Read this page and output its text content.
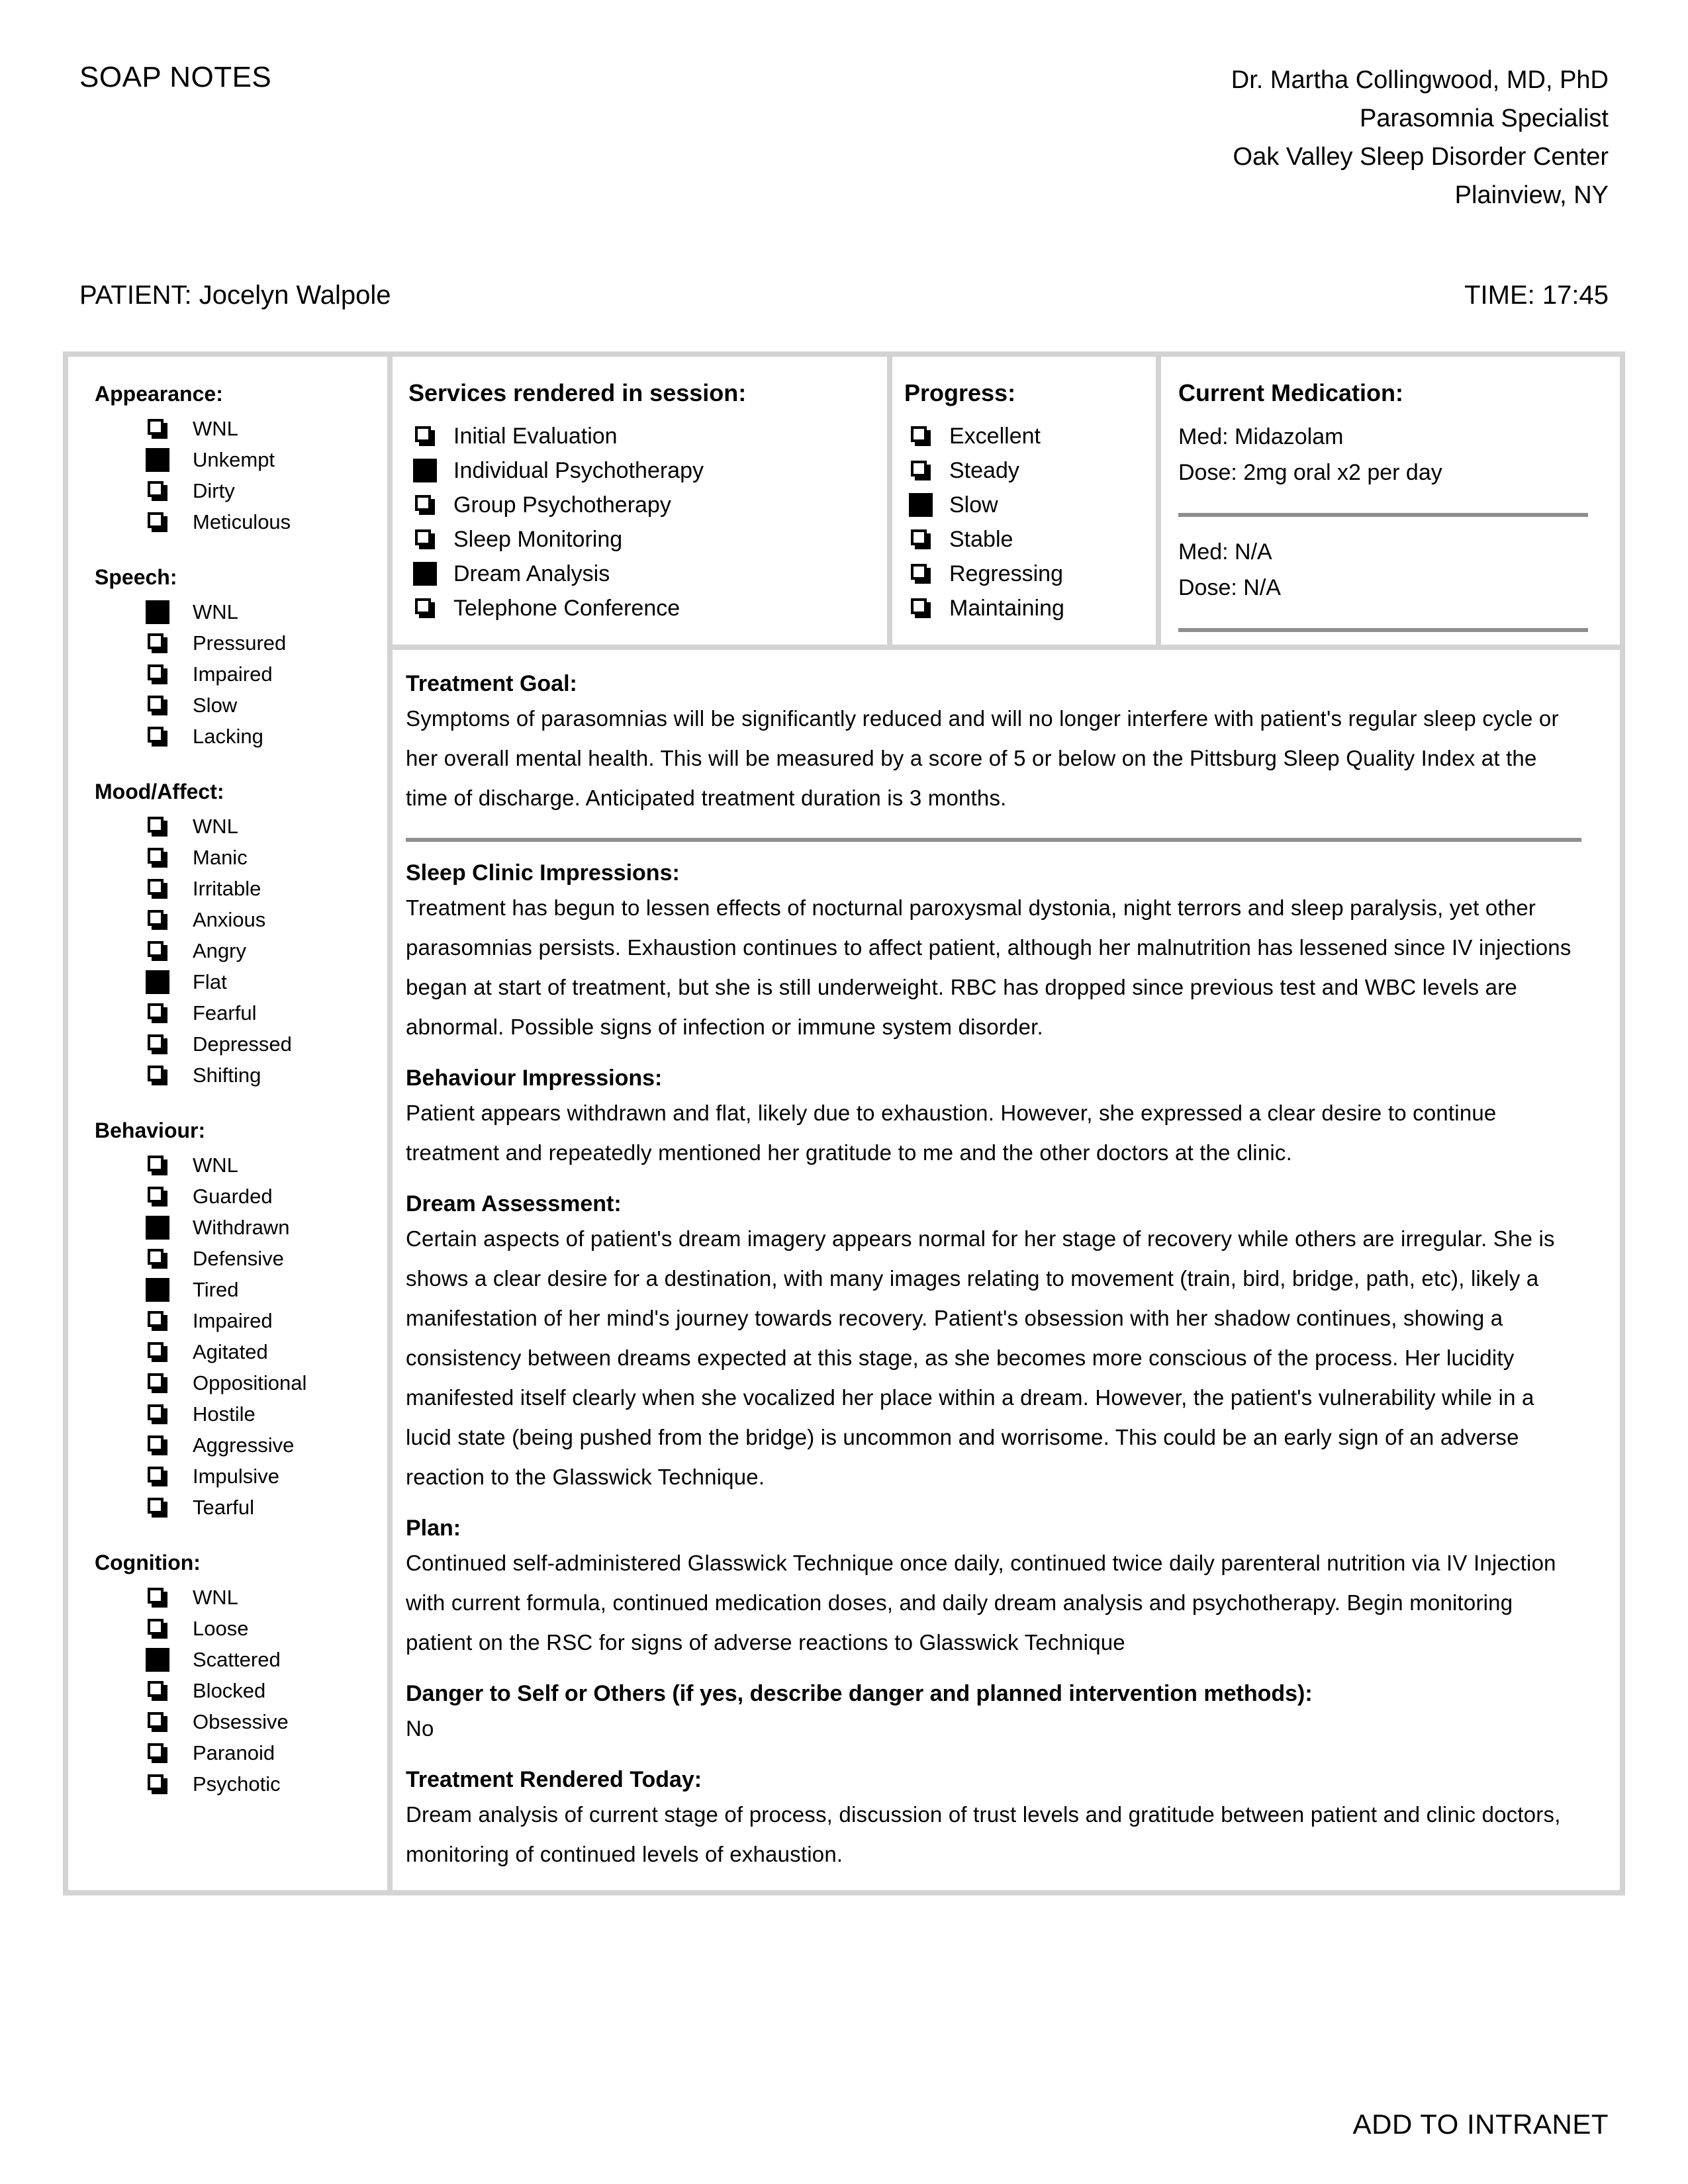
SOAP NOTES	Dr. Martha Collingwood, MD, PhD
Parasomnia Specialist
Oak Valley Sleep Disorder Center
Plainview, NY
PATIENT: Jocelyn Walpole	TIME: 17:45
Appearance:
WNL
Unkempt
Dirty
Meticulous
Speech:
WNL
Pressured
Impaired
Slow
Lacking
Mood/Affect:
WNL
Manic
Irritable
Anxious
Angry
Flat
Fearful
Depressed
Shifting
Behaviour:
WNL
Guarded
Withdrawn
Defensive
Tired
Impaired
Agitated
Oppositional
Hostile
Aggressive
Impulsive
Tearful
Cognition:
WNL
Loose
Scattered
Blocked
Obsessive
Paranoid
Psychotic
Services rendered in session:
Initial Evaluation
Individual Psychotherapy
Group Psychotherapy
Sleep Monitoring
Dream Analysis
Telephone Conference
Progress:
Excellent
Steady
Slow
Stable
Regressing
Maintaining
Current Medication:
Med: Midazolam
Dose: 2mg oral x2 per day
Med: N/A
Dose: N/A
Treatment Goal:
Symptoms of parasomnias will be significantly reduced and will no longer interfere with patient's regular sleep cycle or her overall mental health. This will be measured by a score of 5 or below on the Pittsburg Sleep Quality Index at the time of discharge. Anticipated treatment duration is 3 months.
Sleep Clinic Impressions:
Treatment has begun to lessen effects of nocturnal paroxysmal dystonia, night terrors and sleep paralysis, yet other parasomnias persists. Exhaustion continues to affect patient, although her malnutrition has lessened since IV injections began at start of treatment, but she is still underweight. RBC has dropped since previous test and WBC levels are abnormal. Possible signs of infection or immune system disorder.
Behaviour Impressions:
Patient appears withdrawn and flat, likely due to exhaustion. However, she expressed a clear desire to continue treatment and repeatedly mentioned her gratitude to me and the other doctors at the clinic.
Dream Assessment:
Certain aspects of patient's dream imagery appears normal for her stage of recovery while others are irregular. She is shows a clear desire for a destination, with many images relating to movement (train, bird, bridge, path, etc), likely a manifestation of her mind's journey towards recovery. Patient's obsession with her shadow continues, showing a consistency between dreams expected at this stage, as she becomes more conscious of the process. Her lucidity manifested itself clearly when she vocalized her place within a dream. However, the patient's vulnerability while in a lucid state (being pushed from the bridge) is uncommon and worrisome. This could be an early sign of an adverse reaction to the Glasswick Technique.
Plan:
Continued self-administered Glasswick Technique once daily, continued twice daily parenteral nutrition via IV Injection with current formula, continued medication doses, and daily dream analysis and psychotherapy. Begin monitoring patient on the RSC for signs of adverse reactions to Glasswick Technique
Danger to Self or Others (if yes, describe danger and planned intervention methods):
No
Treatment Rendered Today:
Dream analysis of current stage of process, discussion of trust levels and gratitude between patient and clinic doctors, monitoring of continued levels of exhaustion.
ADD TO INTRANET
